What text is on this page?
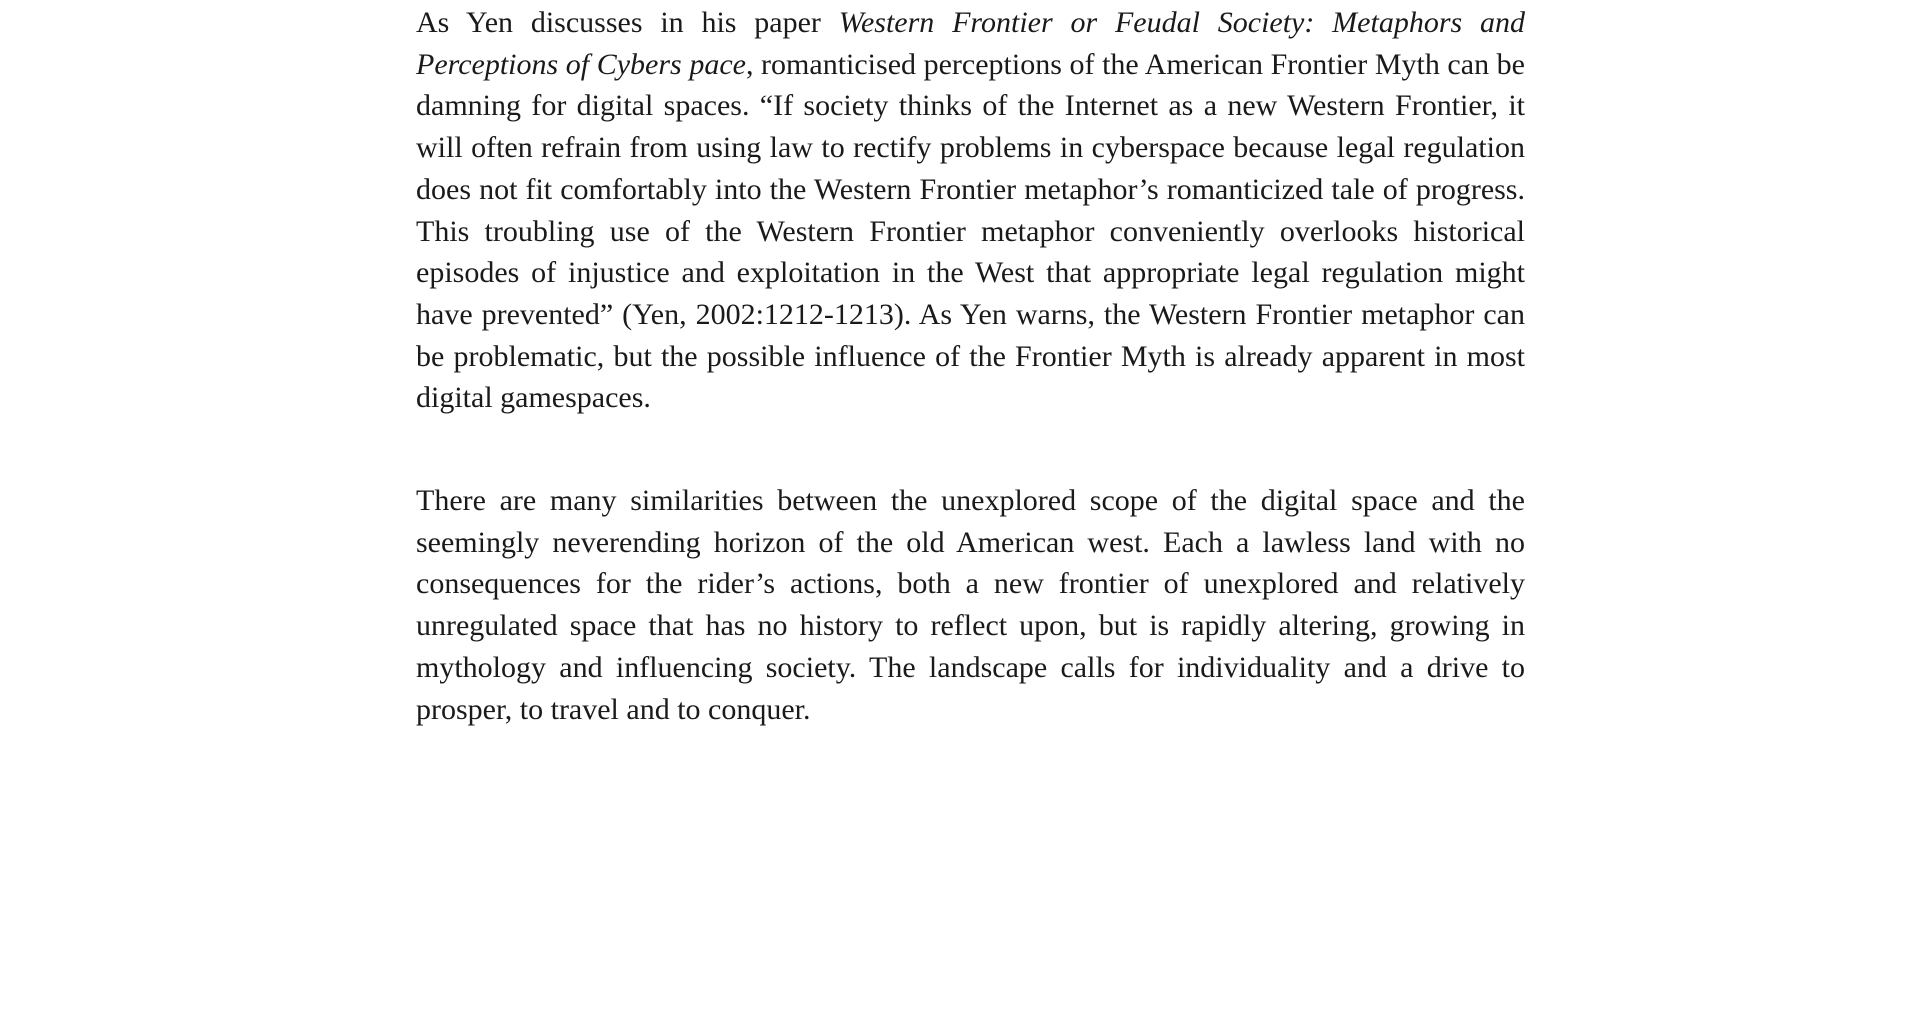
As Yen discusses in his paper Western Frontier or Feudal Society: Metaphors and Perceptions of Cybers pace, romanticised perceptions of the American Frontier Myth can be damning for digital spaces. “If society thinks of the Internet as a new Western Frontier, it will often refrain from using law to rectify problems in cyberspace because legal regulation does not fit comfortably into the Western Frontier metaphor’s romanticized tale of progress. This troubling use of the Western Frontier metaphor conveniently overlooks historical episodes of injustice and exploitation in the West that appropriate legal regulation might have prevented” (Yen, 2002:1212-1213). As Yen warns, the Western Frontier metaphor can be problematic, but the possible influence of the Frontier Myth is already apparent in most digital gamespaces.

There are many similarities between the unexplored scope of the digital space and the seemingly neverending horizon of the old American west. Each a lawless land with no consequences for the rider’s actions, both a new frontier of unexplored and relatively unregulated space that has no history to reflect upon, but is rapidly altering, growing in mythology and influencing society. The landscape calls for individuality and a drive to prosper, to travel and to conquer.
